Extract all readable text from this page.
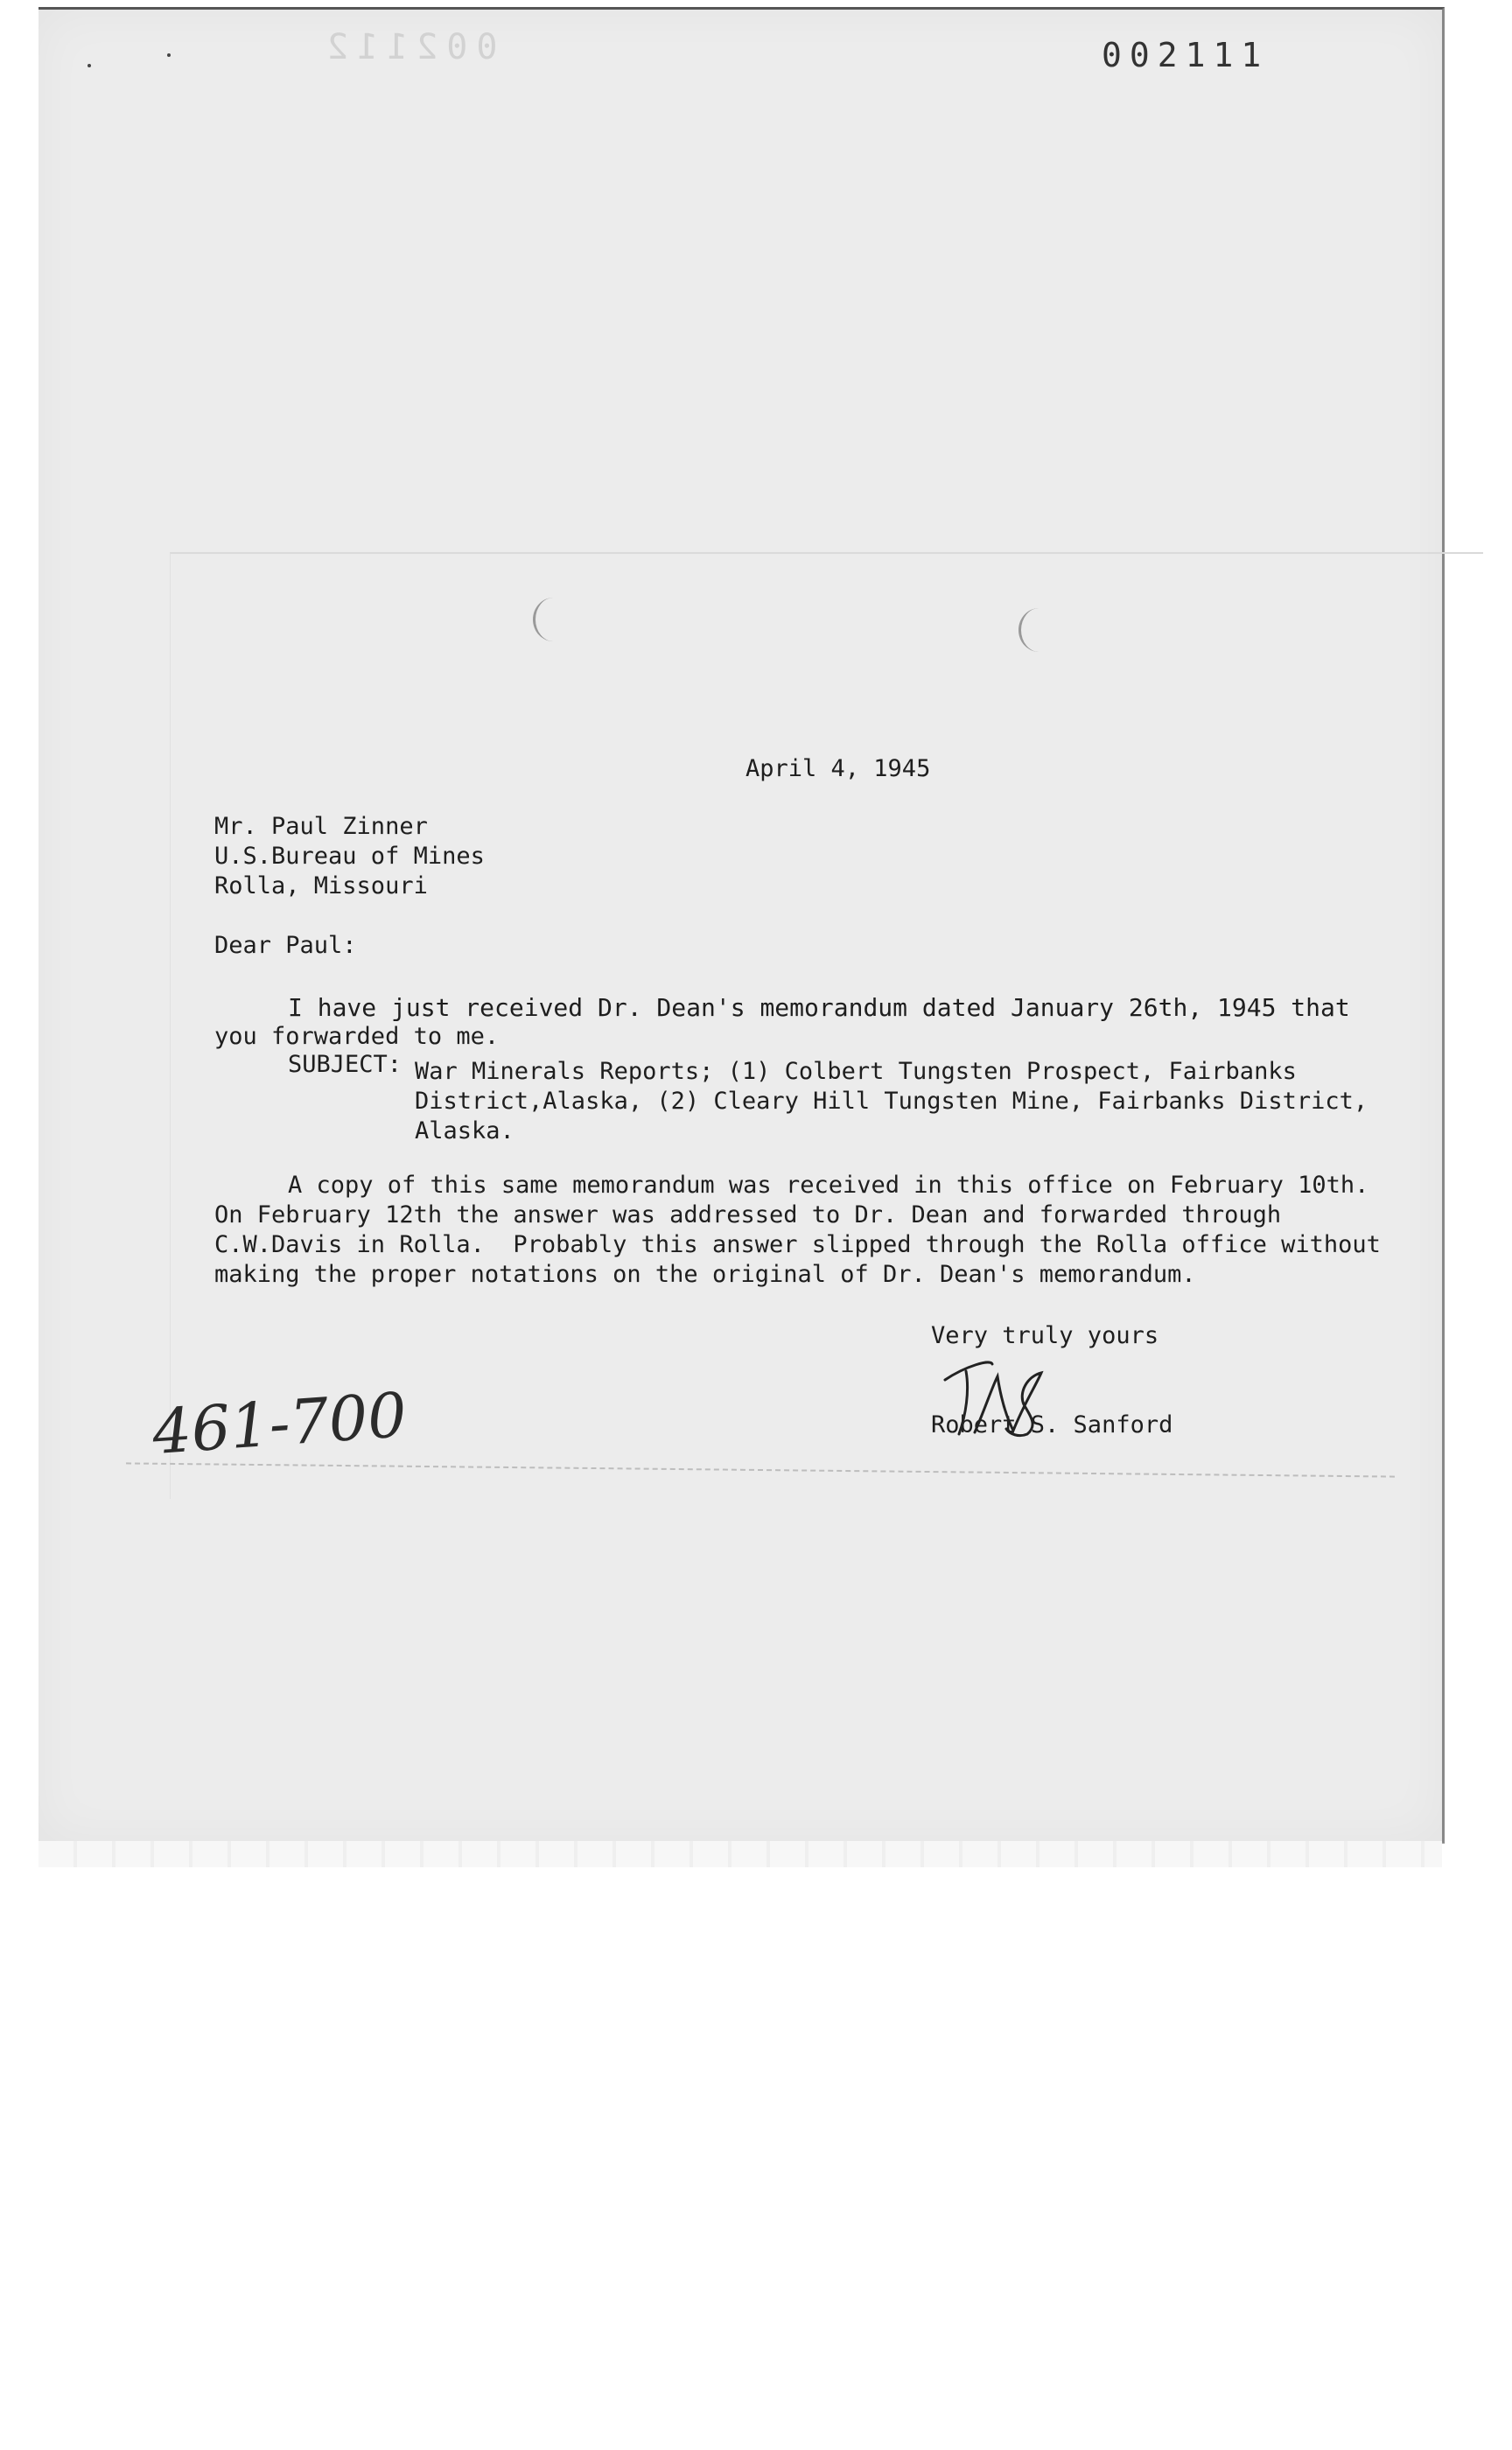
002112	002111

April 4, 1945

Mr. Paul Zinner

U.S.Bureau of Mines

Rolla, Missouri

Dear Paul:

I have just received Dr. Dean's memorandum dated January 26th, 1945 that

you forwarded to me.

SUBJECT:

War Minerals Reports; (1) Colbert Tungsten Prospect, Fairbanks

District,Alaska, (2) Cleary Hill Tungsten Mine, Fairbanks District,

Alaska.

A copy of this same memorandum was received in this office on February 10th.

On February 12th the answer was addressed to Dr. Dean and forwarded through

C.W.Davis in Rolla.  Probably this answer slipped through the Rolla office without

making the proper notations on the original of Dr. Dean's memorandum.

Very truly yours

Robert S. Sanford

461-700
